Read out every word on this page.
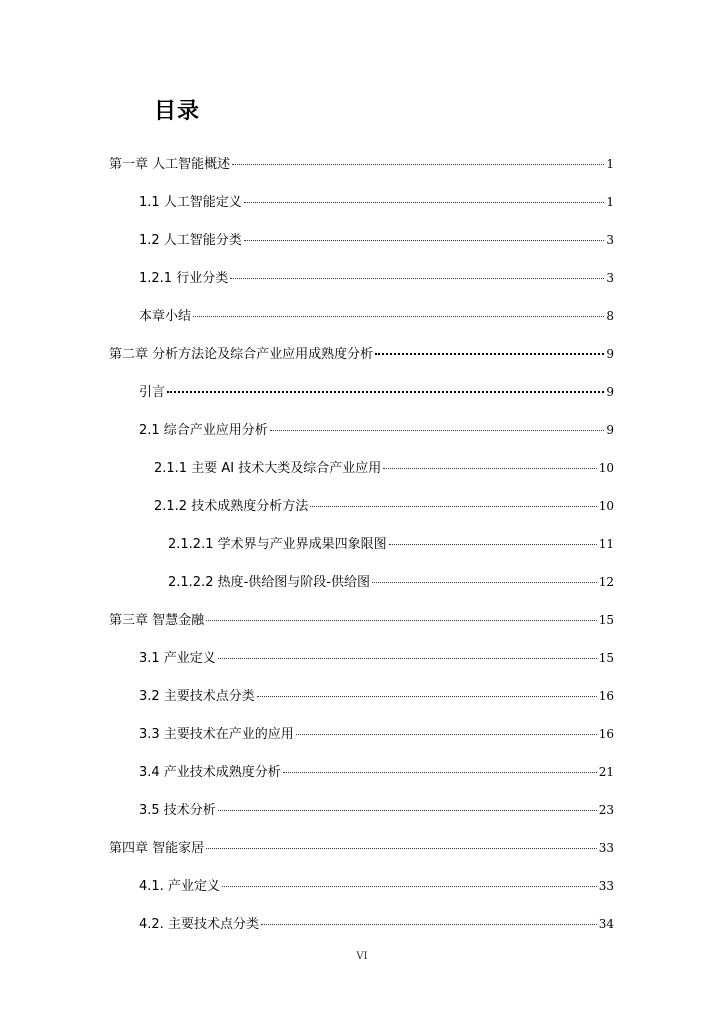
目录
第一章 人工智能概述	1
1.1 人工智能定义	1
1.2 人工智能分类	3
1.2.1 行业分类	3
本章小结	8
第二章 分析方法论及综合产业应用成熟度分析	9
引言	9
2.1 综合产业应用分析	9
2.1.1 主要 AI 技术大类及综合产业应用	10
2.1.2 技术成熟度分析方法	10
2.1.2.1 学术界与产业界成果四象限图	11
2.1.2.2 热度-供给图与阶段-供给图	12
第三章 智慧金融	15
3.1 产业定义	15
3.2 主要技术点分类	16
3.3 主要技术在产业的应用	16
3.4 产业技术成熟度分析	21
3.5 技术分析	23
第四章 智能家居	33
4.1. 产业定义	33
4.2. 主要技术点分类	34
VI
